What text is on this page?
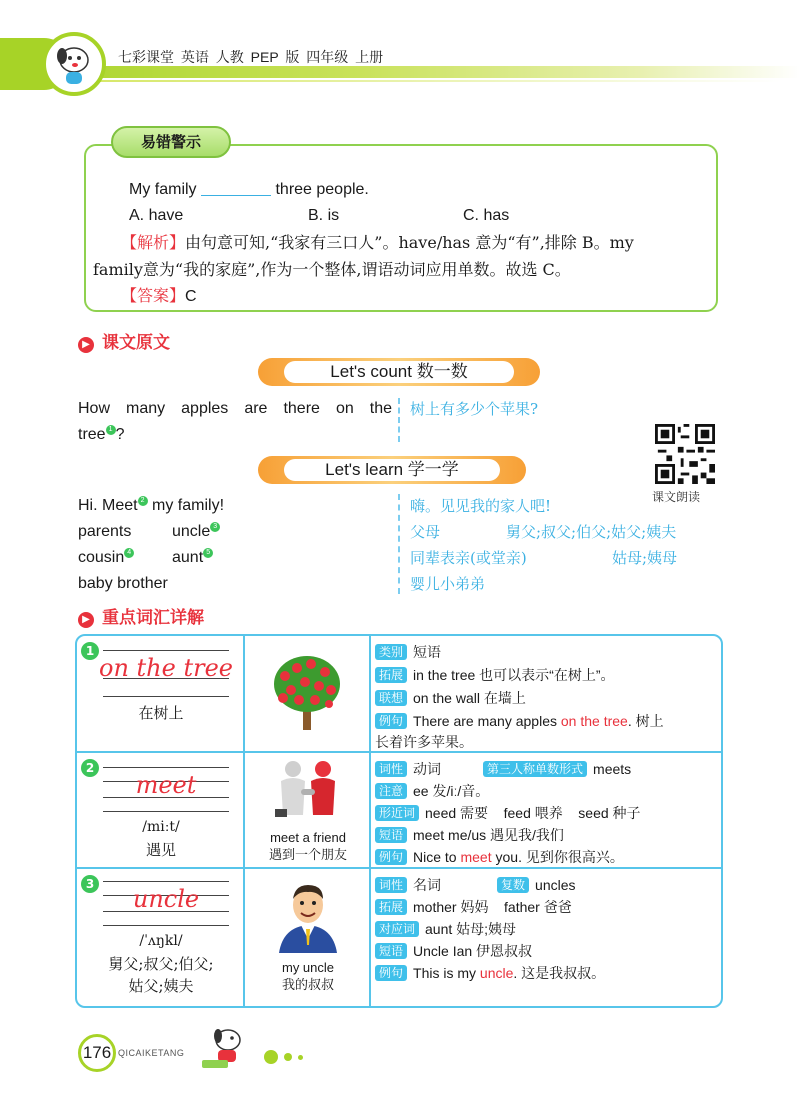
七彩课堂 英语 人教 PEP 版 四年级 上册
易错警示
My family	three people.
A. have	B. is	C. has
【解析】由句意可知,“我家有三口人”。have/has 意为“有”,排除 B。my
family意为“我的家庭”,作为一个整体,谓语动词应用单数。故选 C。
【答案】C
▶ 课文原文
Let's count 数一数
How many apples are there on the
tree 1 ?
树上有多少个苹果?
课文朗读
Let's learn 学一学
Hi. Meet 2 my family!
parents	uncle 3
cousin 4	aunt 5
baby brother
嗨。见见我的家人吧!
父母	舅父;叔父;伯父;姑父;姨夫
同辈表亲(或堂亲)	姑母;姨母
婴儿小弟弟
▶ 重点词汇详解
1
on the tree
在树上
类别 短语
拓展 in the tree 也可以表示“在树上”。
联想 on the wall 在墙上
例句 There are many apples on the tree. 树上
长着许多苹果。
2
meet
/miːt/
遇见
meet a friend
遇到一个朋友
词性 动词	第三人称单数形式 meets
注意 ee 发/iː/音。
形近词 need 需要    feed 喂养    seed 种子
短语 meet me/us 遇见我/我们
例句 Nice to meet you. 见到你很高兴。
3
uncle
/ˈʌŋkl/
舅父;叔父;伯父;
姑父;姨夫
my uncle
我的叔叔
词性 名词	复数 uncles
拓展 mother 妈妈    father 爸爸
对应词 aunt 姑母;姨母
短语 Uncle Ian 伊恩叔叔
例句 This is my uncle. 这是我叔叔。
176 QICAIKETANG
